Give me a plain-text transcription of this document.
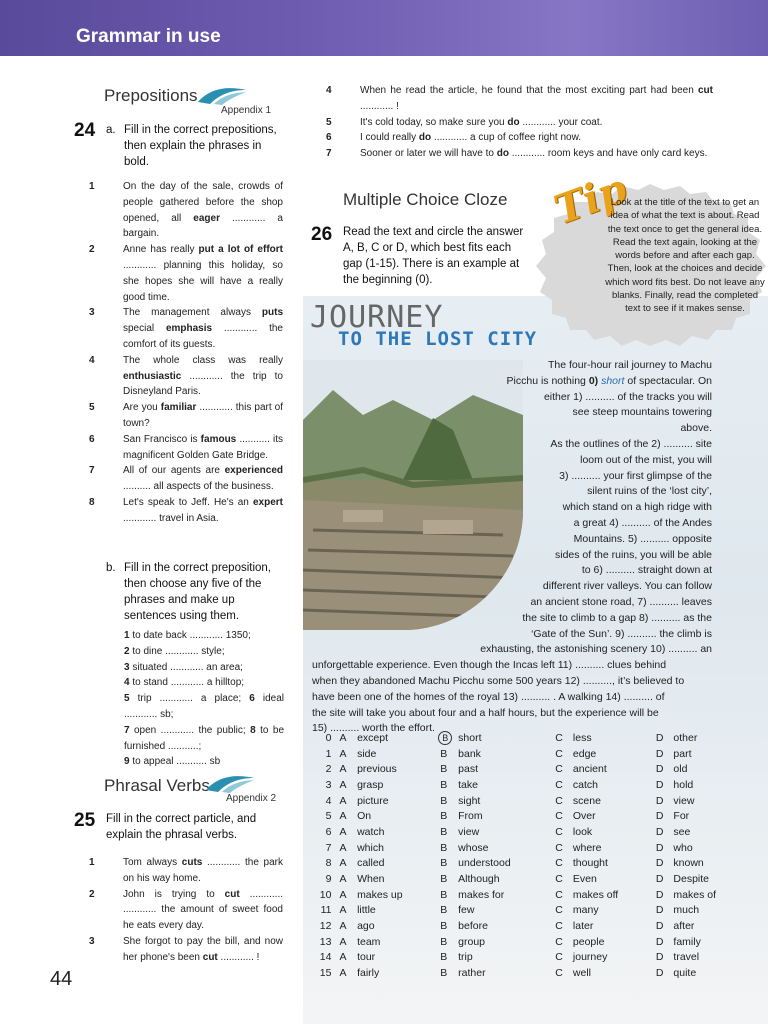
Grammar in use
Prepositions
Appendix 1
24 a. Fill in the correct prepositions, then explain the phrases in bold.

1	On the day of the sale, crowds of people gathered before the shop opened, all eager ............ a bargain.

2	Anne has really put a lot of effort ............ planning this holiday, so she hopes she will have a really good time.

3	The management always puts special emphasis ............ the comfort of its guests.

4	The whole class was really enthusiastic ............ the trip to Disneyland Paris.

5	Are you familiar ............ this part of town?

6	San Francisco is famous ........... its magnificent Golden Gate Bridge.

7	All of our agents are experienced .......... all aspects of the business.

8	Let's speak to Jeff. He's an expert ............ travel in Asia.

b. Fill in the correct preposition, then choose any five of the phrases and make up sentences using them.
1 to date back ............ 1350;
2 to dine ............ style;
3 situated ............ an area;
4 to stand ............ a hilltop;
5 trip ............ a place; 6 ideal ............ sb;
7 open ............ the public; 8 to be furnished ...........;
9 to appeal ........... sb
Phrasal Verbs
Appendix 2
25 Fill in the correct particle, and explain the phrasal verbs.

1	Tom always cuts ............ the park on his way home.

2	John is trying to cut ............ ............ the amount of sweet food he eats every day.

3	She forgot to pay the bill, and now her phone's been cut ............ !

44

4	When he read the article, he found that the most exciting part had been cut ............ !

5	It's cold today, so make sure you do ............ your coat.

6	I could really do ............ a cup of coffee right now.

7	Sooner or later we will have to do ............ room keys and have only card keys.

Multiple Choice Cloze
26 Read the text and circle the answer A, B, C or D, which best fits each gap (1-15). There is an example at the beginning (0).
Tip
Look at the title of the text to get an idea of what the text is about. Read the text once to get the general idea. Read the text again, looking at the words before and after each gap. Then, look at the choices and decide which word fits best. Do not leave any blanks. Finally, read the completed text to see if it makes sense.
JOURNEY
TO THE LOST CITY
The four-hour rail journey to Machu
Picchu is nothing 0) short of spectacular. On
either 1) .......... of the tracks you will
see steep mountains towering above.
As the outlines of the 2) .......... site
loom out of the mist, you will
3) .......... your first glimpse of the
silent ruins of the ‘lost city’,
which stand on a high ridge with
a great 4) .......... of the Andes
Mountains. 5) .......... opposite
sides of the ruins, you will be able
to 6) .......... straight down at
different river valleys. You can follow
an ancient stone road, 7) .......... leaves
the site to climb to a gap 8) .......... as the
‘Gate of the Sun’. 9) .......... the climb is
exhausting, the astonishing scenery 10) .......... an
unforgettable experience. Even though the Incas left 11) .......... clues behind
when they abandoned Machu Picchu some 500 years 12) .........., it’s believed to
have been one of the homes of the royal 13) .......... . A walking 14) .......... of
the site will take you about four and a half hours, but the experience will be
15) .......... worth the effort.
0	A	except	B	short	C	less	D	other
1	A	side	B	bank	C	edge	D	part
2	A	previous	B	past	C	ancient	D	old
3	A	grasp	B	take	C	catch	D	hold
4	A	picture	B	sight	C	scene	D	view
5	A	On	B	From	C	Over	D	For
6	A	watch	B	view	C	look	D	see
7	A	which	B	whose	C	where	D	who
8	A	called	B	understood	C	thought	D	known
9	A	When	B	Although	C	Even	D	Despite
10	A	makes up	B	makes for	C	makes off	D	makes of
11	A	little	B	few	C	many	D	much
12	A	ago	B	before	C	later	D	after
13	A	team	B	group	C	people	D	family
14	A	tour	B	trip	C	journey	D	travel
15	A	fairly	B	rather	C	well	D	quite
